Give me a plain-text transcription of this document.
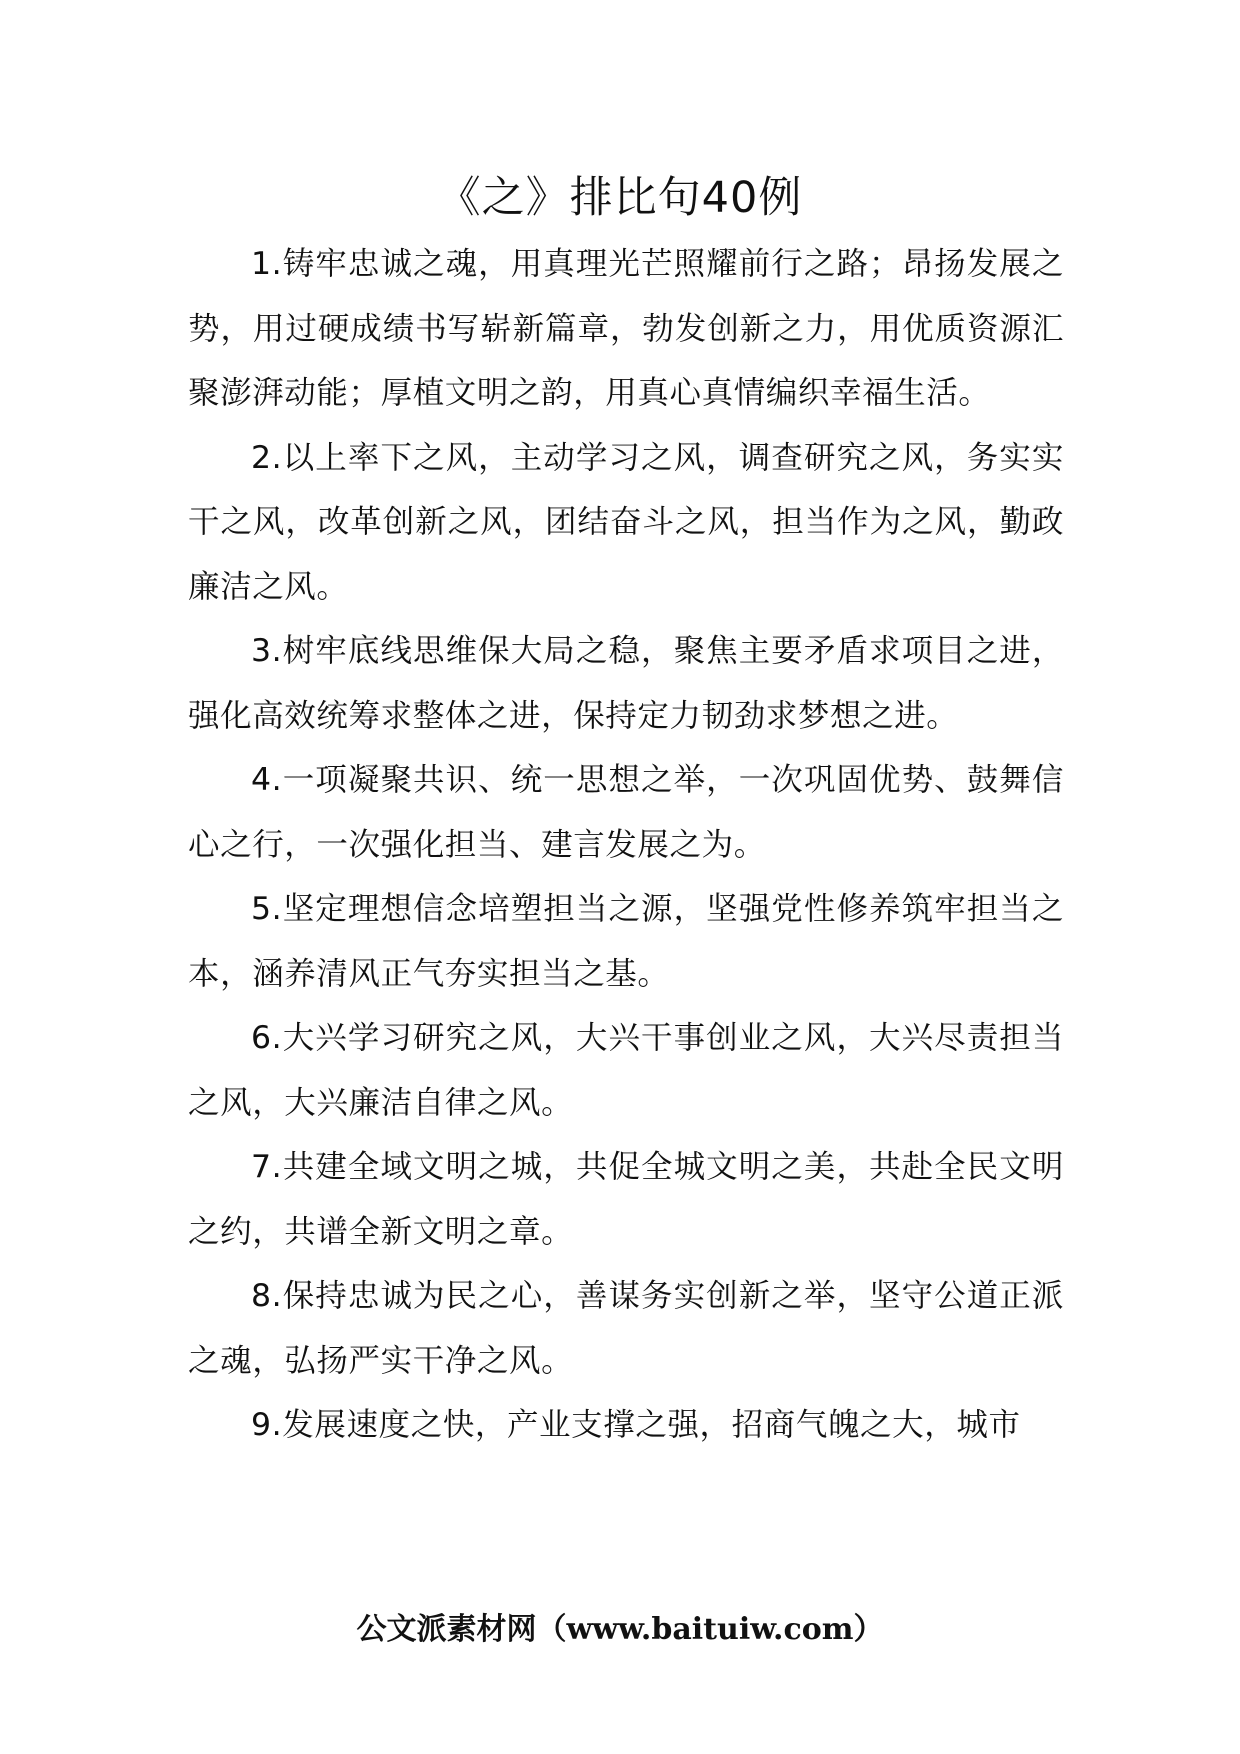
《之》排比句40例

1.铸牢忠诚之魂，用真理光芒照耀前行之路；昂扬发展之势，用过硬成绩书写崭新篇章，勃发创新之力，用优质资源汇聚澎湃动能；厚植文明之韵，用真心真情编织幸福生活。

2.以上率下之风，主动学习之风，调查研究之风，务实实干之风，改革创新之风，团结奋斗之风，担当作为之风，勤政廉洁之风。

3.树牢底线思维保大局之稳，聚焦主要矛盾求项目之进，强化高效统筹求整体之进，保持定力韧劲求梦想之进。

4.一项凝聚共识、统一思想之举，一次巩固优势、鼓舞信心之行，一次强化担当、建言发展之为。

5.坚定理想信念培塑担当之源，坚强党性修养筑牢担当之本，涵养清风正气夯实担当之基。

6.大兴学习研究之风，大兴干事创业之风，大兴尽责担当之风，大兴廉洁自律之风。

7.共建全域文明之城，共促全城文明之美，共赴全民文明之约，共谱全新文明之章。

8.保持忠诚为民之心，善谋务实创新之举，坚守公道正派之魂，弘扬严实干净之风。

9.发展速度之快，产业支撑之强，招商气魄之大，城市

公文派素材网（www.baituiw.com）
